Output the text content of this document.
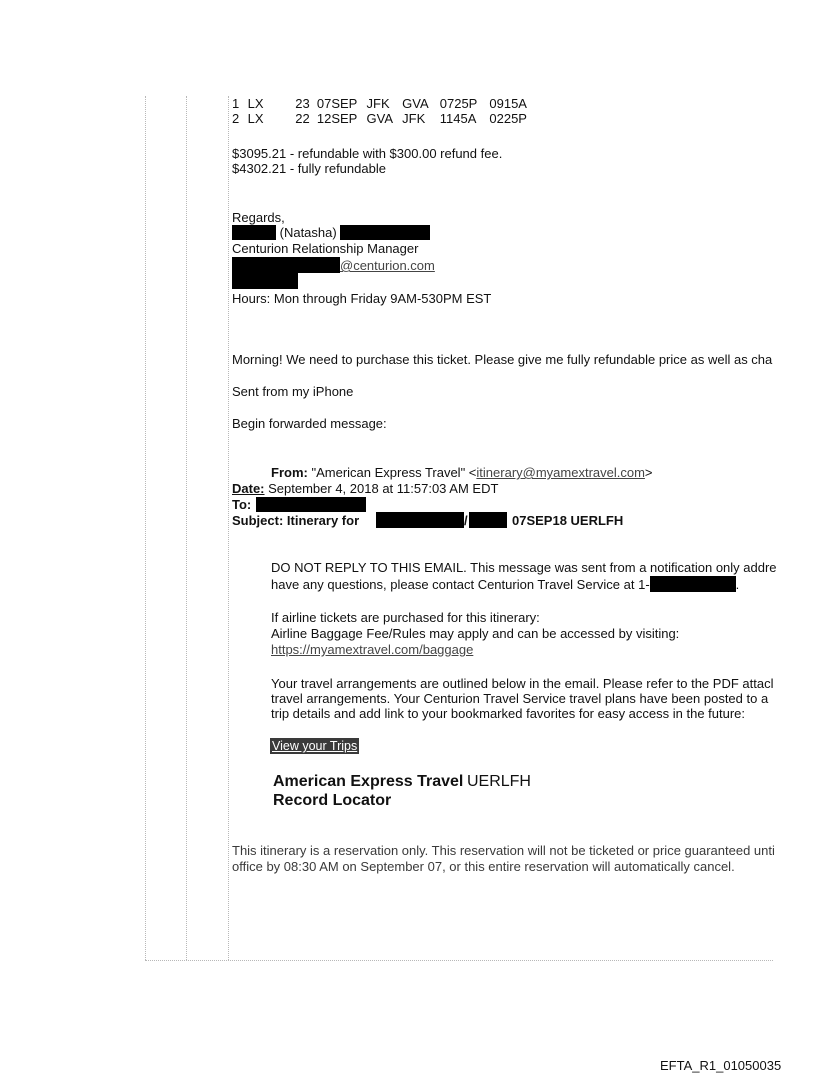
1 LX 23 07SEP JFK GVA 0725P 0915A
2 LX 22 12SEP GVA JFK 1145A 0225P
$3095.21 - refundable with $300.00 refund fee.
$4302.21 - fully refundable
Regards,
(Natasha)
Centurion Relationship Manager
@centurion.com
Hours: Mon through Friday 9AM-530PM EST
Morning! We need to purchase this ticket. Please give me fully refundable price as well as cha
Sent from my iPhone
Begin forwarded message:
From: "American Express Travel" <itinerary@myamextravel.com>
Date: September 4, 2018 at 11:57:03 AM EDT
To:
Subject: Itinerary for	/	07SEP18 UERLFH
DO NOT REPLY TO THIS EMAIL. This message was sent from a notification only addre
have any questions, please contact Centurion Travel Service at 1-	.
If airline tickets are purchased for this itinerary:
Airline Baggage Fee/Rules may apply and can be accessed by visiting:
https://myamextravel.com/baggage
Your travel arrangements are outlined below in the email. Please refer to the PDF attacl
travel arrangements. Your Centurion Travel Service travel plans have been posted to a
trip details and add link to your bookmarked favorites for easy access in the future:
View your Trips
American Express Travel UERLFH
Record Locator
This itinerary is a reservation only. This reservation will not be ticketed or price guaranteed unti
office by 08:30 AM on September 07, or this entire reservation will automatically cancel.
EFTA_R1_01050035
